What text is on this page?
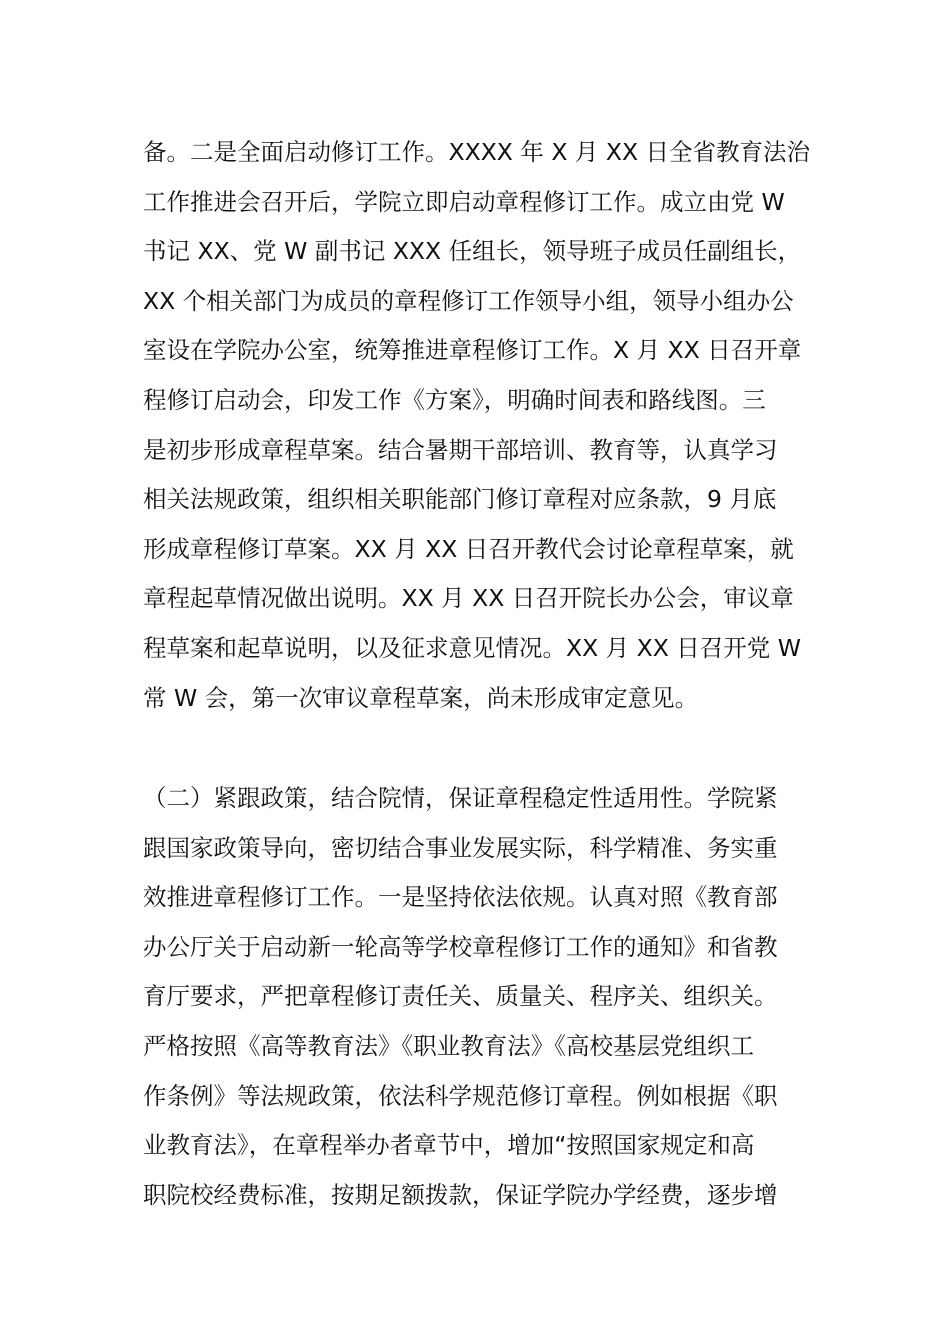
备。二是全面启动修订工作。XXXX 年 X 月 XX 日全省教育法治
工作推进会召开后，学院立即启动章程修订工作。成立由党 W
书记 XX、党 W 副书记 XXX 任组长，领导班子成员任副组长，
XX 个相关部门为成员的章程修订工作领导小组，领导小组办公
室设在学院办公室，统筹推进章程修订工作。X 月 XX 日召开章
程修订启动会，印发工作《方案》，明确时间表和路线图。三
是初步形成章程草案。结合暑期干部培训、教育等，认真学习
相关法规政策，组织相关职能部门修订章程对应条款，9 月底
形成章程修订草案。XX 月 XX 日召开教代会讨论章程草案，就
章程起草情况做出说明。XX 月 XX 日召开院长办公会，审议章
程草案和起草说明，以及征求意见情况。XX 月 XX 日召开党 W
常 W 会，第一次审议章程草案，尚未形成审定意见。
（二）紧跟政策，结合院情，保证章程稳定性适用性。学院紧
跟国家政策导向，密切结合事业发展实际，科学精准、务实重
效推进章程修订工作。一是坚持依法依规。认真对照《教育部
办公厅关于启动新一轮高等学校章程修订工作的通知》和省教
育厅要求，严把章程修订责任关、质量关、程序关、组织关。
严格按照《高等教育法》《职业教育法》《高校基层党组织工
作条例》等法规政策，依法科学规范修订章程。例如根据《职
业教育法》，在章程举办者章节中，增加“按照国家规定和高
职院校经费标准，按期足额拨款，保证学院办学经费，逐步增
